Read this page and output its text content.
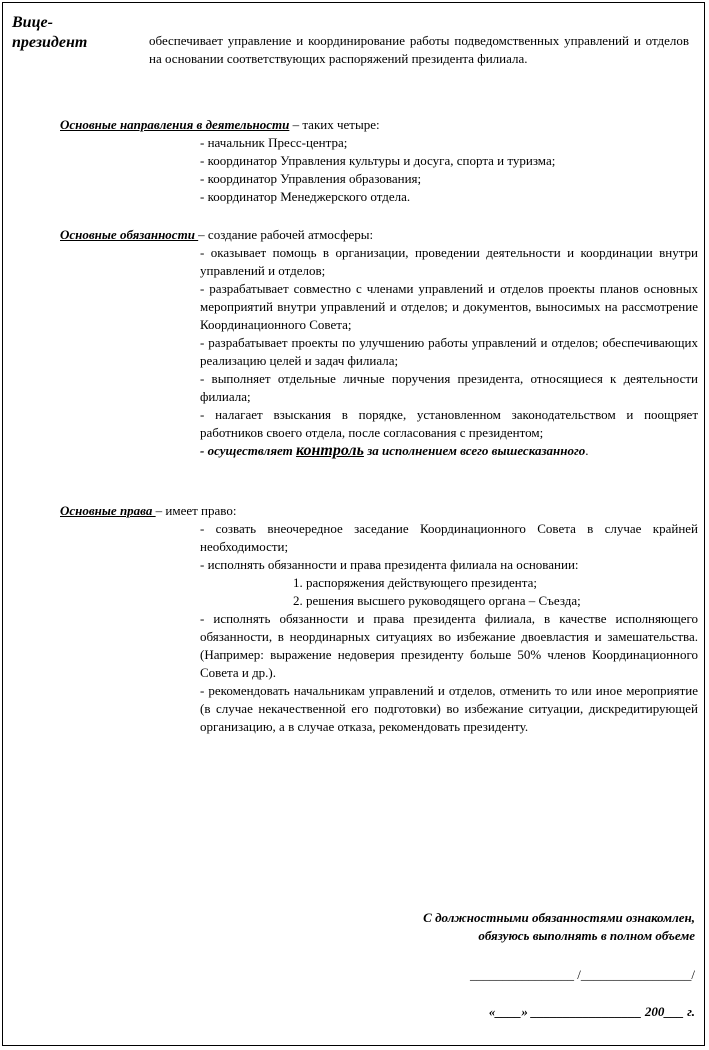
Вице-
президент	обеспечивает управление и координирование работы подведомственных управлений и отделов на основании соответствующих распоряжений президента филиала.

Основные направления в деятельности – таких четыре:

- начальник Пресс-центра;
- координатор Управления культуры и досуга, спорта и туризма;
- координатор Управления образования;
- координатор Менеджерского отдела.

Основные обязанности – создание рабочей атмосферы:

- оказывает помощь в организации, проведении деятельности и координации внутри управлений и отделов;
- разрабатывает совместно с членами управлений и отделов проекты планов основных мероприятий внутри управлений и отделов; и документов, выносимых на рассмотрение Координационного Совета;
- разрабатывает проекты по улучшению работы управлений и отделов; обеспечивающих реализацию целей и задач филиала;
- выполняет отдельные личные поручения президента, относящиеся к деятельности филиала;
- налагает взыскания в порядке, установленном законодательством и поощряет работников своего отдела, после согласования с президентом;
- осуществляет контроль за исполнением всего вышесказанного.

Основные права – имеет право:

- созвать внеочередное заседание Координационного Совета в случае крайней необходимости;
- исполнять обязанности и права президента филиала на основании:
1. распоряжения действующего президента;
2. решения высшего руководящего органа – Съезда;
- исполнять обязанности и права президента филиала, в качестве исполняющего обязанности, в неординарных ситуациях во избежание двоевластия и замешательства. (Например: выражение недоверия президенту больше 50% членов Координационного Совета и др.).
- рекомендовать начальникам управлений и отделов, отменить то или иное мероприятие (в случае некачественной его подготовки) во избежание ситуации, дискредитирующей организацию, а в случае отказа, рекомендовать президенту.
С должностными обязанностями ознакомлен,
обязуюсь выполнять в полном объеме
________________ /_________________/
«____» _________________ 200___ г.
